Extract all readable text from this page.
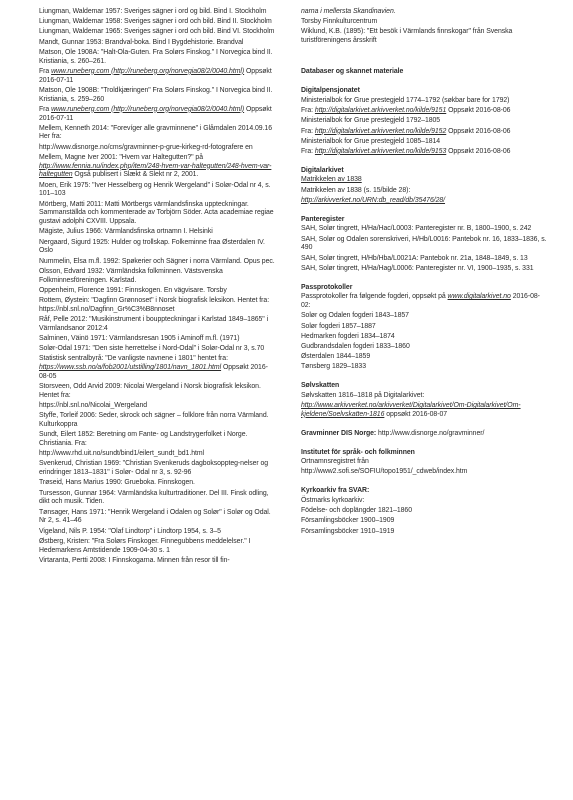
Liungman, Waldemar 1957: Sveriges sägner i ord og bild. Bind I. Stockholm
Liungman, Waldemar 1958: Sveriges sägner i ord och bild. Bind II. Stockholm
Liungman, Waldemar 1965: Sveriges sägner i ord och bild. Bind VI. Stockholm
Mandt, Gunnar 1953: Brandval-boka. Bind I Bygdehistorie. Brandval
Matson, Ole 1908A: "Halt-Ola-Guten. Fra Solørs Finskog." I Norvegica bind II. Kristiania, s. 260–261.
Fra www.runeberg.com (http://runeberg.org/norvegia08/2/0040.html) Oppsøkt 2016-07-11
Matson, Ole 1908B: "Troldkjæringen" Fra Solørs Finskog." I Norvegica bind II. Kristiania, s. 259–260
Fra www.runeberg.com (http://runeberg.org/norvegia08/2/0040.html) Oppsøkt 2016-07-11
Mellem, Kenneth 2014: "Forevíger alle gravminnene" i Glåmdalen 2014.09.16 Her fra:
http://www.disnorge.no/cms/gravminner-p-grue-kirkeg-rd-fotografere en
Mellem, Magne Iver 2001: "Hvem var Haltegutten?" på http://www.fennia.nu/index.php/item/248-hvem-var-haltegutten/248-hvem-var-haltegutten Også publisert i Slækt & Slekt nr 2, 2001.
Moen, Erik 1975: "Iver Hesselberg og Henrik Wergeland" i Solør-Odal nr 4, s. 101–103
Mörtberg, Matti 2011: Matti Mörtbergs värmlandsfinska uppteckningar. Sammanställda och kommenterade av Torbjörn Söder. Acta academiae regiae gustavi adolphi CXVIII. Uppsala.
Mägiste, Julius 1966: Värmlandsfinska ortnamn I. Helsinki
Nergaard, Sigurd 1925: Hulder og trollskap. Folkeminne fraa Østerdalen IV. Oslo
Nummelin, Elsa m.fl. 1992: Spøkerier och Sägner i norra Värmland. Opus pec.
Olsson, Edvard 1932: Värmländska folkminnen. Västsvenska Folkminnesföreningen. Karlstad.
Oppenheim, Florence 1991: Finnskogen. En vägvisare. Torsby
Rottem, Øystein: "Dagfinn Grønnoset" i Norsk biografisk leksikon. Hentet fra: https://nbl.snl.no/Dagfinn_Gr%C3%B8nnoset
Råf, Pelle 2012: "Musikinstrument i bouppteckningar i Karlstad 1849–1865" i Värmlandsanor 2012:4
Salminen, Väinö 1971: Värmlandsresan 1905 i Aminoff m.fl. (1971)
Solør-Odal 1971: "Den siste herrettelse i Nord-Odal" i Solør-Odal nr 3, s.70
Statistisk sentralbyrå: "De vanligste navnene i 1801" hentet fra: https://www.ssb.no/a/fob2001/utstilling/1801/navn_1801.html Oppsøkt 2016-08-05
Storsveen, Odd Arvid 2009: Nicolai Wergeland i Norsk biografisk leksikon. Hentet fra:
https://nbl.snl.no/Nicolai_Wergeland
Styffe, Torleif 2006: Seder, skrock och sägner – folklore från norra Värmland. Kulturkoppra
Sundt, Eilert 1852: Beretning om Fante- og Landstrygerfolket i Norge. Christiania. Fra:
http://www.rhd.uit.no/sundt/bind1/eilert_sundt_bd1.html
Svenkerud, Christian 1969: "Christian Svenkeruds dagboksoppteg-nelser og erindringer 1813–1831" i Solør- Odal nr 3, s. 92-96
Trøseid, Hans Marius 1990: Grueboka. Finnskogen.
Tursesson, Gunnar 1964: Värmländska kulturtraditioner. Del III. Finsk odling, dikt och musik. Tiden.
Tønsager, Hans 1971: "Henrik Wergeland i Odalen og Solør" i Solør og Odal. Nr 2, s. 41–46
Vigeland, Nils P. 1954: "Olaf Lindtorp" i Lindtorp 1954, s. 3–5
Østberg, Kristen: "Fra Solørs Finskoger. Finnegubbens meddelelser." I Hedemarkens Amtstidende 1909-04-30 s. 1
Virtaranta, Pertti 2008: I Finnskogarna. Minnen från resor till fin-
narna i mellersta Skandinavien.
Torsby Finnkulturcentrum
Wiklund, K.B. (1895): "Ett besök i Värmlands finnskogar" från Svenska turistföreningens årsskrift
Databaser og skannet materiale
Digitalpensjonatet
Ministerialbok for Grue prestegjeld 1774–1792 (søkbar bare for 1792)
Fra: http://digitalarkivet.arkivverket.no/kilde/9151 Oppsøkt 2016-08-06
Ministerialbok for Grue prestegjeld 1792–1805
Fra: http://digitalarkivet.arkivverket.no/kilde/9152 Oppsøkt 2016-08-06
Ministerialbok for Grue prestegjeld 1085–1814
Fra: http://digitalarkivet.arkivverket.no/kilde/9153 Oppsøkt 2016-08-06
Digitalarkivet
Matrikkelen av 1838
Matrikkelen av 1838 (s. 15/bilde 28):
http://arkivverket.no/URN:db_read/db/35476/28/
Panteregister
SAH, Solør tingrett, H/Ha/Hac/L0003: Panteregister nr. B, 1800–1900, s. 242
SAH, Solør og Odalen sorenskriveri, H/Hb/L0016: Pantebok nr. 16, 1833–1836, s. 490
SAH, Solør tingrett, H/Hb/Hba/L0021A: Pantebok nr. 21a, 1848–1849, s. 13
SAH, Solør tingrett, H/Ha/Hag/L0006: Panteregister nr. VI, 1900–1935, s. 331
Passprotokoller
Passprotokoller fra følgende fogderi, oppsøkt på www.digitalarkivet.no 2016-08-02:
Solør og Odalen fogderi 1843–1857
Solør fogderi 1857–1887
Hedmarken fogderi 1834–1874
Gudbrandsdalen fogderi 1833–1860
Østerdalen 1844–1859
Tønsberg 1829–1833
Sølvskatten
Sølvskatten 1816–1818 på Digitalarkivet:
http://www.arkivverket.no/arkivverket/Digitalarkivet/Om-Digitalarkivet/Om-kjeldene/Soelvskatten-1816 oppsøkt 2016-08-07
Gravminner DIS Norge: http://www.disnorge.no/gravminner/
Institutet för språk- och folkminnen
Ortnamnsregistret från
http://www2.sofi.se/SOFIU/topo1951/_cdweb/index.htm
Kyrkoarkiv fra SVAR:
Östmarks kyrkoarkiv:
Födelse- och doplängder 1821–1860
Församlingsböcker 1900–1909
Församlingsböcker 1910–1919
